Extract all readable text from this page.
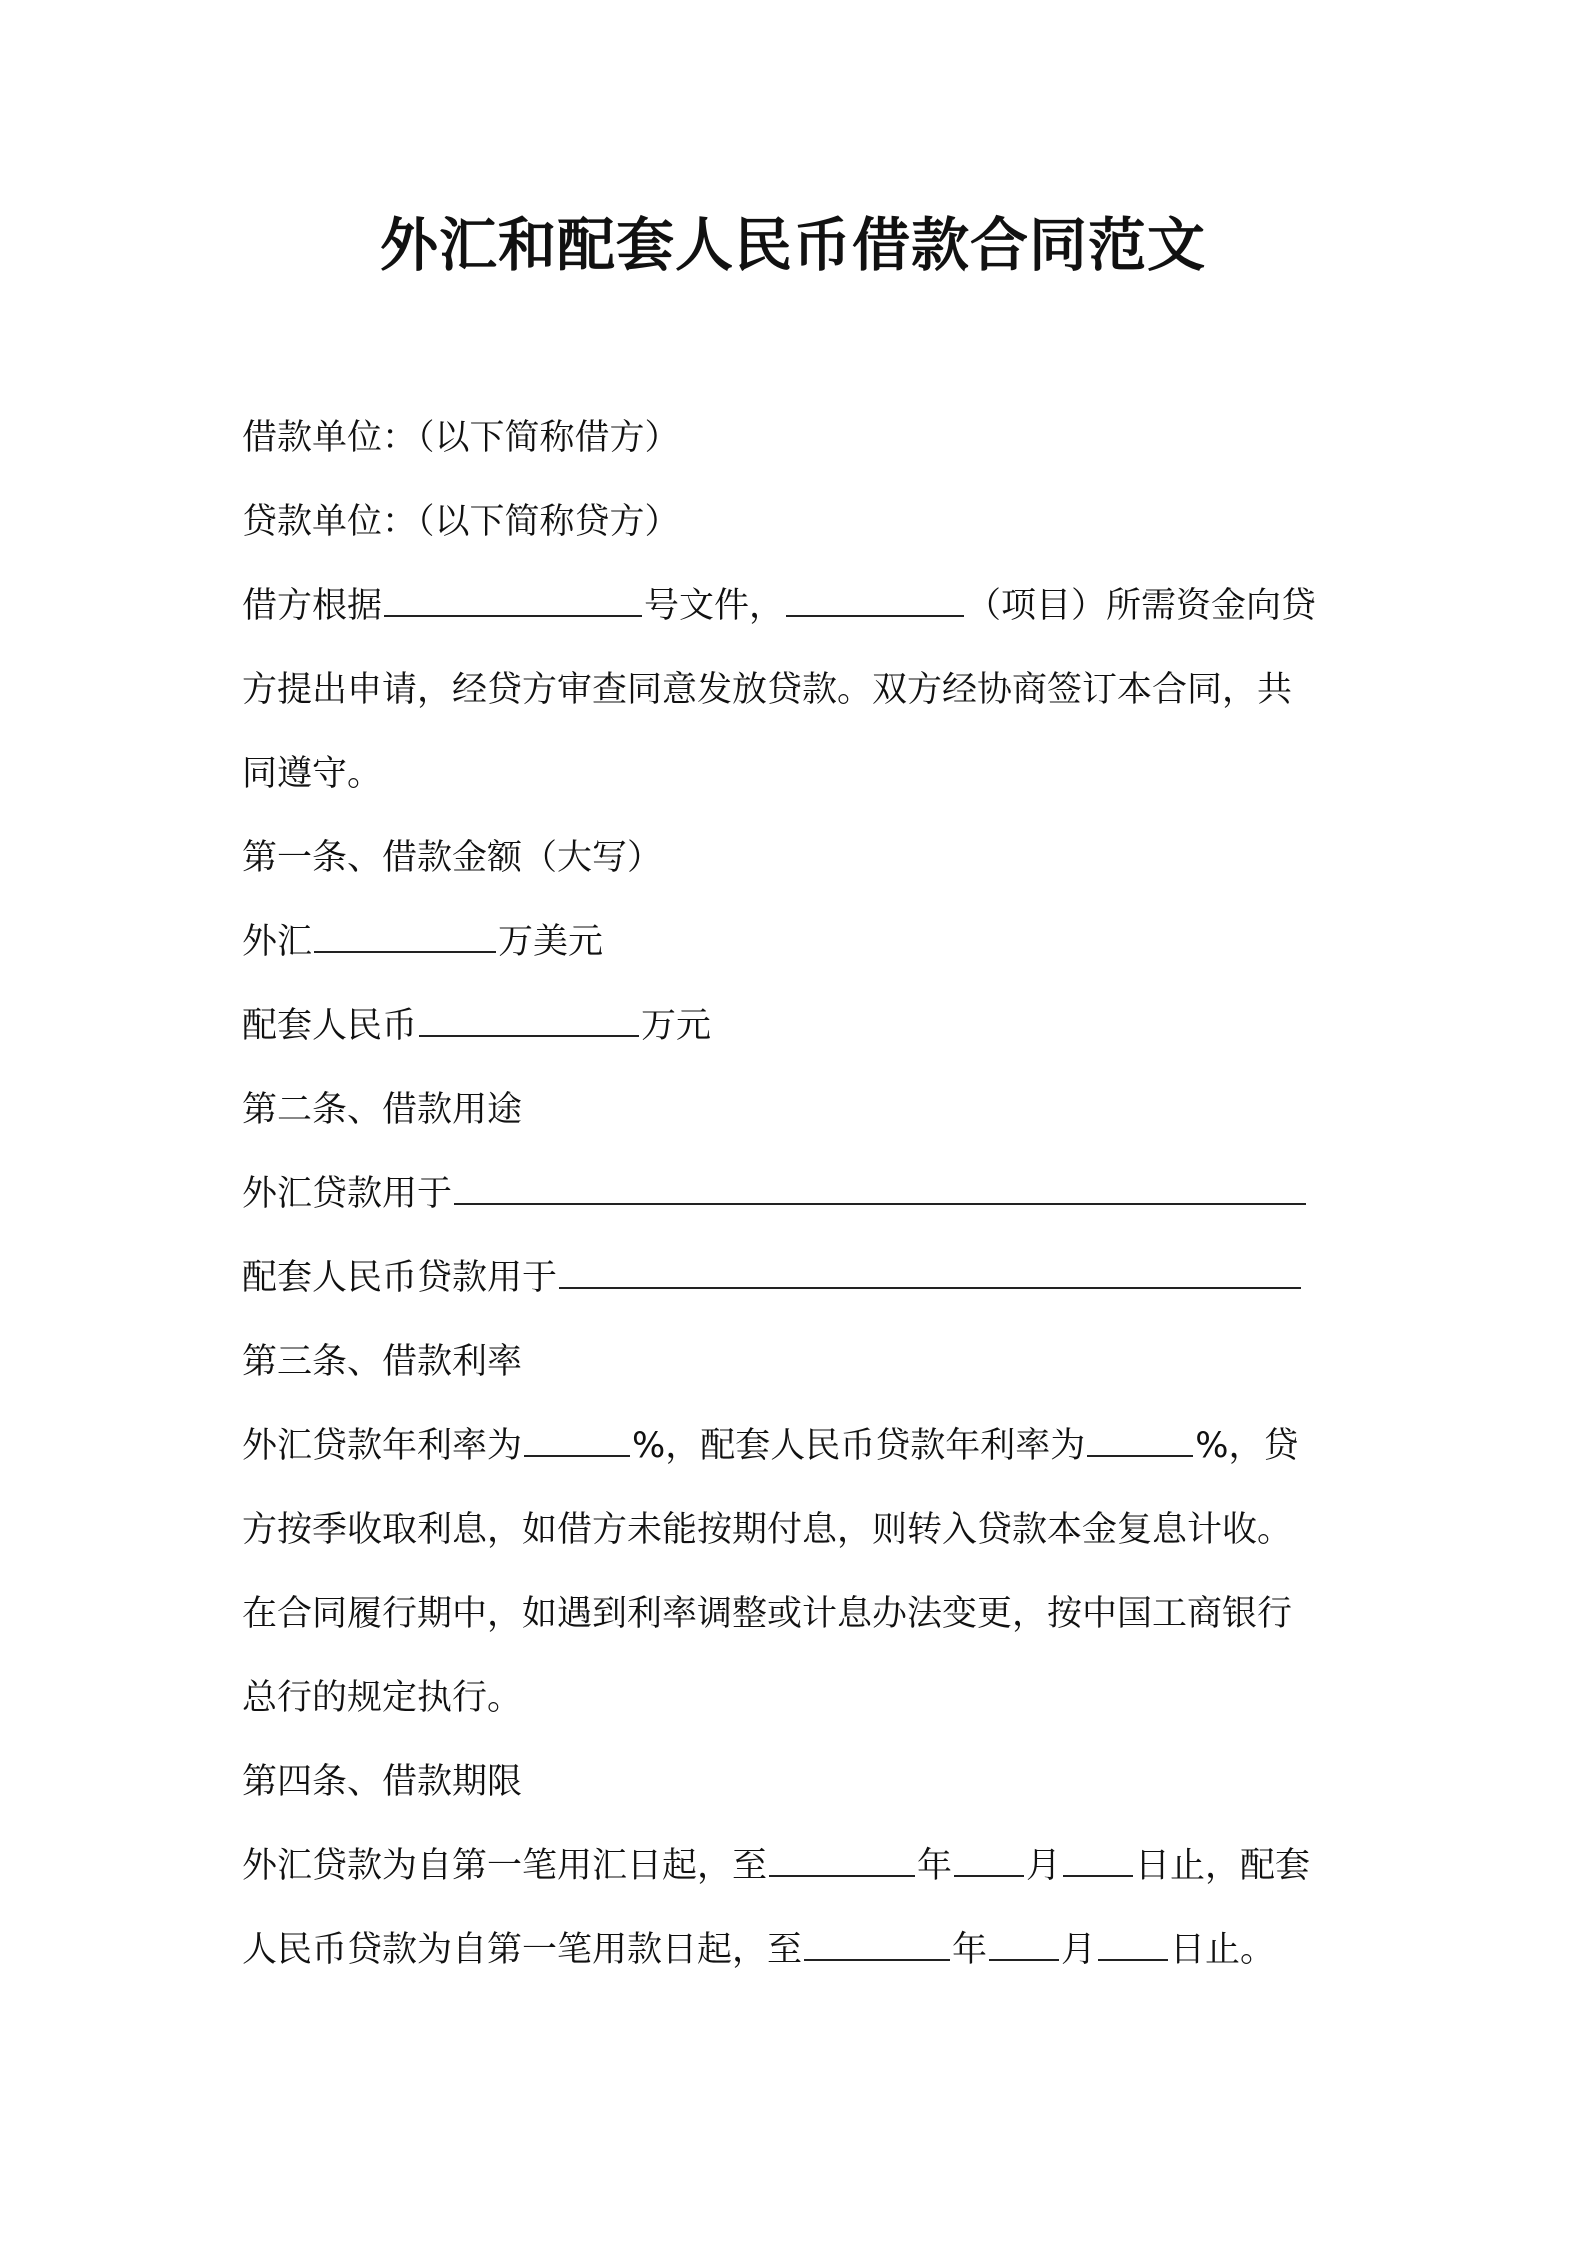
外汇和配套人民币借款合同范文
借款单位：（以下简称借方）
贷款单位：（以下简称贷方）
借方根据	号文件，	（项目）所需资金向贷
方提出申请，经贷方审查同意发放贷款。双方经协商签订本合同，共
同遵守。
第一条、借款金额（大写）
外汇	万美元
配套人民币	万元
第二条、借款用途
外汇贷款用于
配套人民币贷款用于
第三条、借款利率
外汇贷款年利率为	%，配套人民币贷款年利率为	%，贷
方按季收取利息，如借方未能按期付息，则转入贷款本金复息计收。
在合同履行期中，如遇到利率调整或计息办法变更，按中国工商银行
总行的规定执行。
第四条、借款期限
外汇贷款为自第一笔用汇日起，至	年 月 日止，配套
人民币贷款为自第一笔用款日起，至	年 月 日止。
